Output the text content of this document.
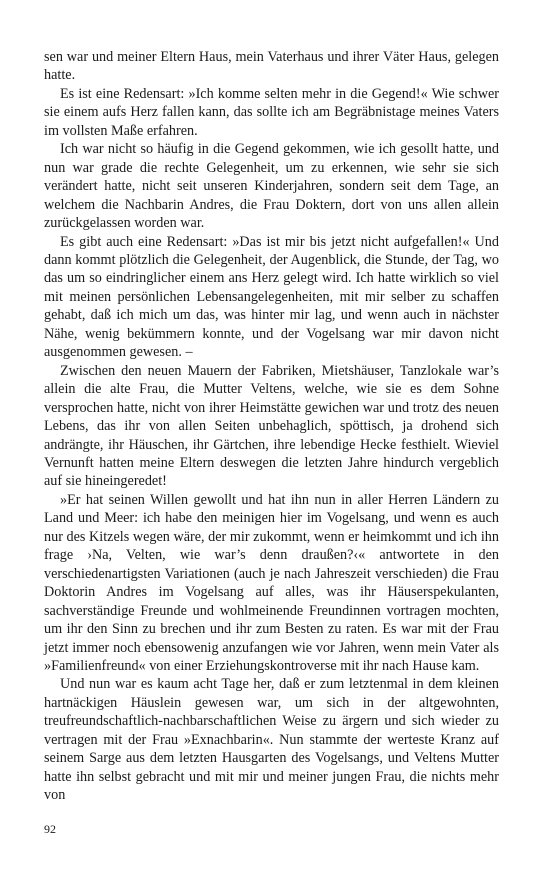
sen war und meiner Eltern Haus, mein Vaterhaus und ihrer Väter Haus, gelegen hatte.

Es ist eine Redensart: »Ich komme selten mehr in die Gegend!« Wie schwer sie einem aufs Herz fallen kann, das sollte ich am Begräbnistage meines Vaters im vollsten Maße erfahren.

Ich war nicht so häufig in die Gegend gekommen, wie ich gesollt hatte, und nun war grade die rechte Gelegenheit, um zu erkennen, wie sehr sie sich verändert hatte, nicht seit unseren Kinderjahren, sondern seit dem Tage, an welchem die Nachbarin Andres, die Frau Doktern, dort von uns allen allein zurückgelassen worden war.

Es gibt auch eine Redensart: »Das ist mir bis jetzt nicht aufgefallen!« Und dann kommt plötzlich die Gelegenheit, der Augenblick, die Stunde, der Tag, wo das um so eindringlicher einem ans Herz gelegt wird. Ich hatte wirklich so viel mit meinen persönlichen Lebensangelegenheiten, mit mir selber zu schaffen gehabt, daß ich mich um das, was hinter mir lag, und wenn auch in nächster Nähe, wenig bekümmern konnte, und der Vogelsang war mir davon nicht ausgenommen gewesen. –

Zwischen den neuen Mauern der Fabriken, Mietshäuser, Tanzlokale war’s allein die alte Frau, die Mutter Veltens, welche, wie sie es dem Sohne versprochen hatte, nicht von ihrer Heimstätte gewichen war und trotz des neuen Lebens, das ihr von allen Seiten unbehaglich, spöttisch, ja drohend sich andrängte, ihr Häuschen, ihr Gärtchen, ihre lebendige Hecke festhielt. Wieviel Vernunft hatten meine Eltern deswegen die letzten Jahre hindurch vergeblich auf sie hineingeredet!

»Er hat seinen Willen gewollt und hat ihn nun in aller Herren Ländern zu Land und Meer: ich habe den meinigen hier im Vogelsang, und wenn es auch nur des Kitzels wegen wäre, der mir zukommt, wenn er heimkommt und ich ihn frage ›Na, Velten, wie war’s denn draußen?‹« antwortete in den verschiedenartigsten Variationen (auch je nach Jahreszeit verschieden) die Frau Doktorin Andres im Vogelsang auf alles, was ihr Häuserspekulanten, sachverständige Freunde und wohlmeinende Freundinnen vortragen mochten, um ihr den Sinn zu brechen und ihr zum Besten zu raten. Es war mit der Frau jetzt immer noch ebensowenig anzufangen wie vor Jahren, wenn mein Vater als »Familienfreund« von einer Erziehungskontroverse mit ihr nach Hause kam.

Und nun war es kaum acht Tage her, daß er zum letztenmal in dem kleinen hartnäckigen Häuslein gewesen war, um sich in der altgewohnten, treufreundschaftlich-nachbarschaftlichen Weise zu ärgern und sich wieder zu vertragen mit der Frau »Exnachbarin«. Nun stammte der werteste Kranz auf seinem Sarge aus dem letzten Hausgarten des Vogelsangs, und Veltens Mutter hatte ihn selbst gebracht und mit mir und meiner jungen Frau, die nichts mehr von

92
